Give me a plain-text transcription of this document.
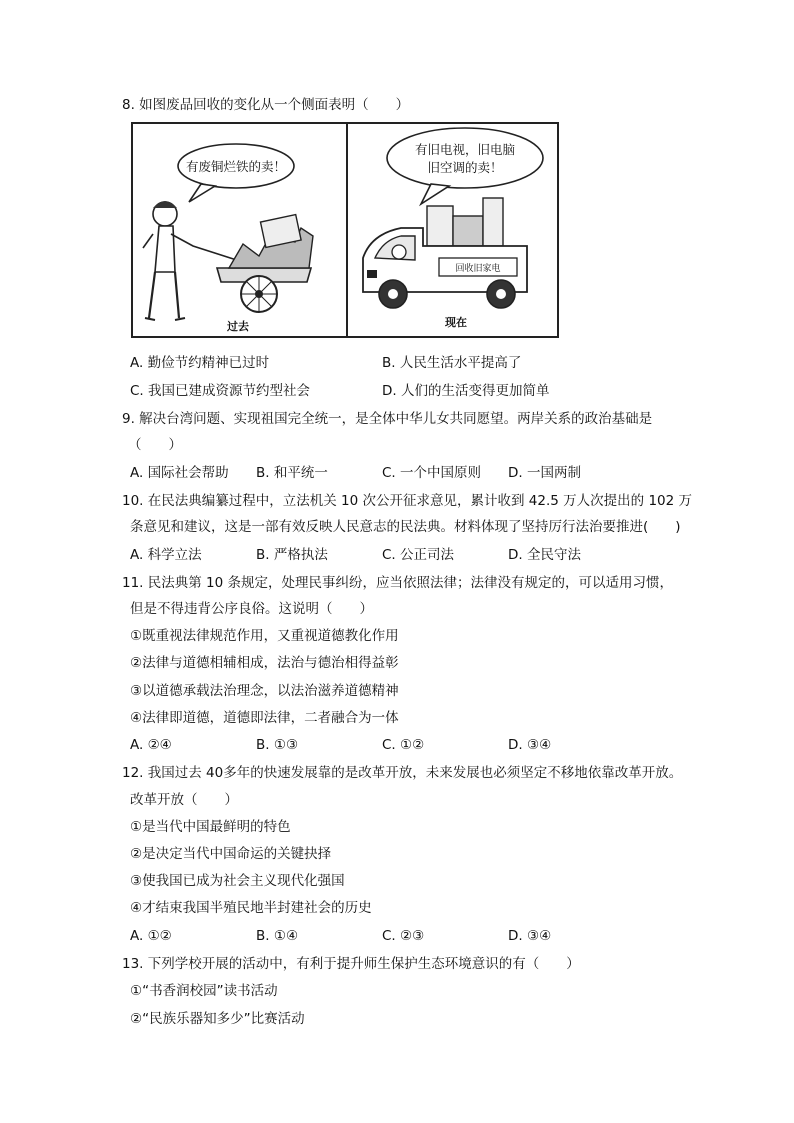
8. 如图废品回收的变化从一个侧面表明（　　）
有废铜烂铁的卖！
过去
有旧电视，旧电脑
旧空调的卖！
回收旧家电
现在
A. 勤俭节约精神已过时	B. 人民生活水平提高了
C. 我国已建成资源节约型社会	D. 人们的生活变得更加简单
9. 解决台湾问题、实现祖国完全统一，是全体中华儿女共同愿望。两岸关系的政治基础是
（　　）
A. 国际社会帮助 B. 和平统一	C. 一个中国原则 D. 一国两制
10. 在民法典编纂过程中，立法机关 10 次公开征求意见，累计收到 42.5 万人次提出的 102 万
条意见和建议，这是一部有效反映人民意志的民法典。材料体现了坚持厉行法治要推进(　　)
A. 科学立法	B. 严格执法	C. 公正司法	D. 全民守法
11. 民法典第 10 条规定，处理民事纠纷，应当依照法律；法律没有规定的，可以适用习惯，
但是不得违背公序良俗。这说明（　　）
①既重视法律规范作用，又重视道德教化作用
②法律与道德相辅相成，法治与德治相得益彰
③以道德承载法治理念，以法治滋养道德精神
④法律即道德，道德即法律，二者融合为一体
A. ②④	B. ①③	C. ①②	D. ③④
12. 我国过去 40多年的快速发展靠的是改革开放，未来发展也必须坚定不移地依靠改革开放。
改革开放（　　）
①是当代中国最鲜明的特色
②是决定当代中国命运的关键抉择
③使我国已成为社会主义现代化强国
④才结束我国半殖民地半封建社会的历史
A. ①②	B. ①④	C. ②③	D. ③④
13. 下列学校开展的活动中，有利于提升师生保护生态环境意识的有（　　）
①“书香润校园”读书活动
②“民族乐器知多少”比赛活动
